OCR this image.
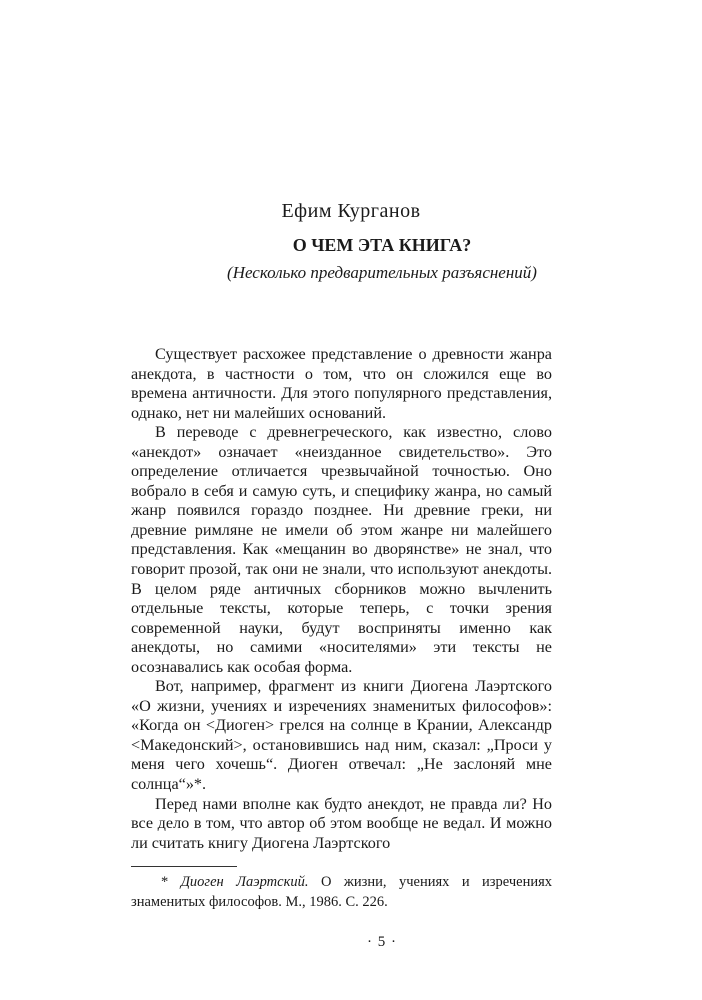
Ефим Курганов
О ЧЕМ ЭТА КНИГА?
(Несколько предварительных разъяснений)

Существует расхожее представление о древности жанра анекдота, в частности о том, что он сложился еще во времена античности. Для этого популярного представления, однако, нет ни малейших оснований.

В переводе с древнегреческого, как известно, слово «анекдот» означает «неизданное свидетельство». Это определение отличается чрезвычайной точностью. Оно вобрало в себя и самую суть, и специфику жанра, но самый жанр появился гораздо позднее. Ни древние греки, ни древние римляне не имели об этом жанре ни малейшего представления. Как «мещанин во дворянстве» не знал, что говорит прозой, так они не знали, что используют анекдоты. В целом ряде античных сборников можно вычленить отдельные тексты, которые теперь, с точки зрения современной науки, будут восприняты именно как анекдоты, но самими «носителями» эти тексты не осознавались как особая форма.

Вот, например, фрагмент из книги Диогена Лаэртского «О жизни, учениях и изречениях знаменитых философов»: «Когда он <Диоген> грелся на солнце в Крании, Александр <Македонский>, остановившись над ним, сказал: „Проси у меня чего хочешь“. Диоген отвечал: „Не заслоняй мне солнца“»*.

Перед нами вполне как будто анекдот, не правда ли? Но все дело в том, что автор об этом вообще не ведал. И можно ли считать книгу Диогена Лаэртского

* Диоген Лаэртский. О жизни, учениях и изречениях знаменитых философов. М., 1986. С. 226.
· 5 ·
